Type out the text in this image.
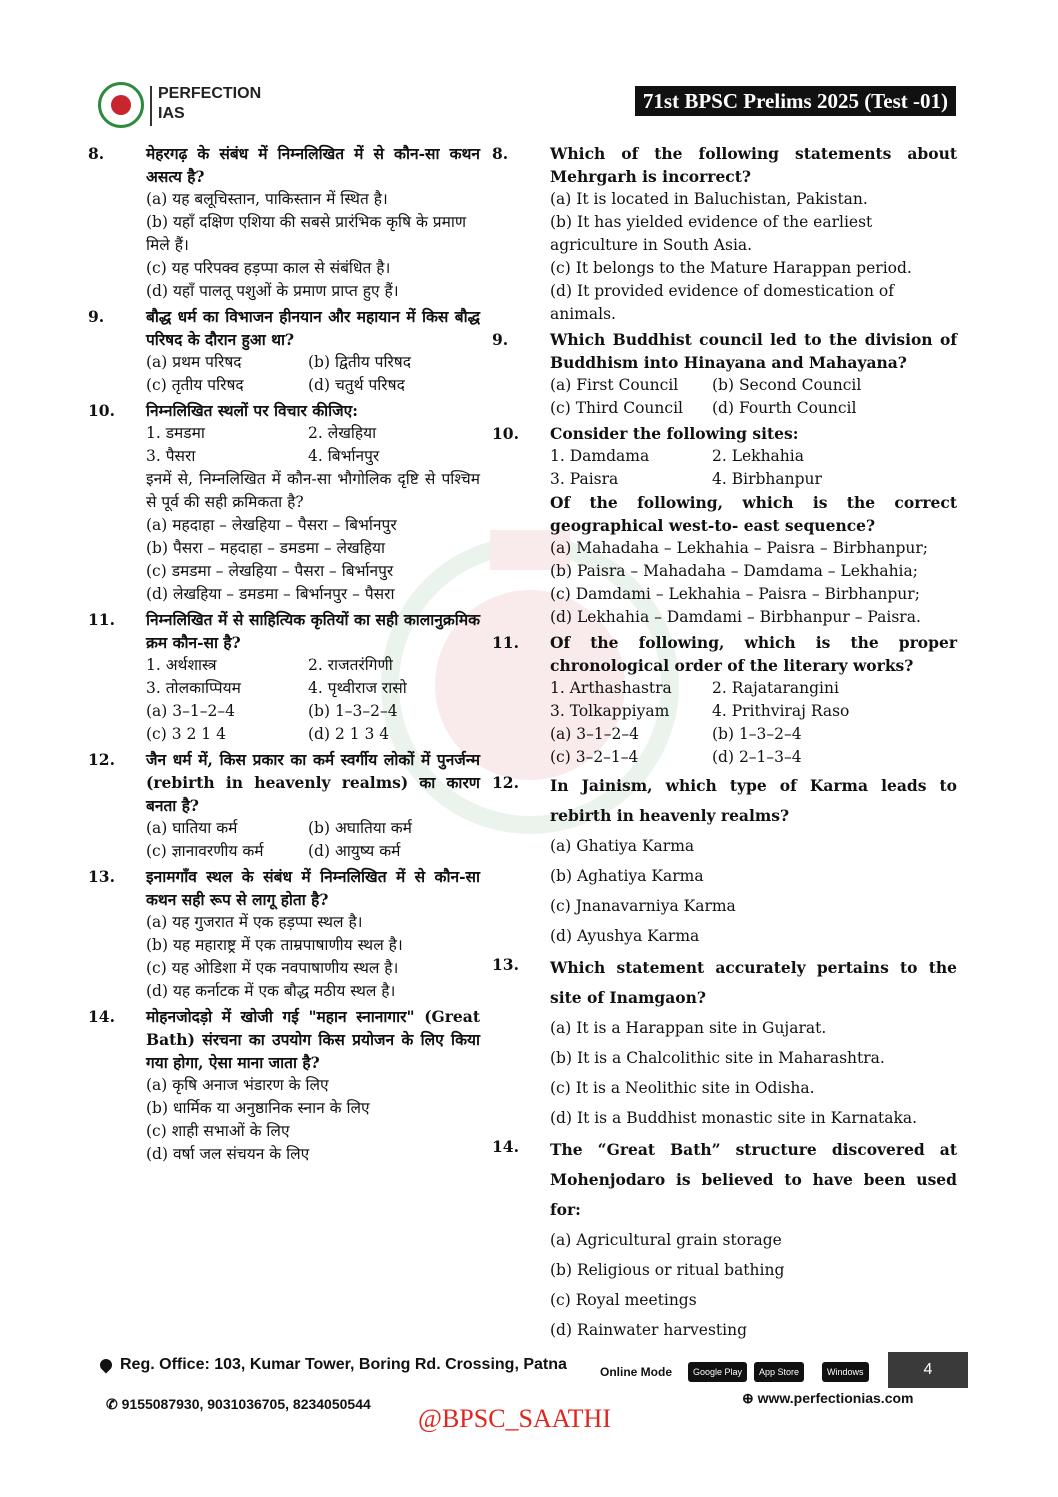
PERFECTION
IAS
71st BPSC Prelims 2025 (Test -01)
8.	मेहरगढ़ के संबंध में निम्नलिखित में से कौन-सा कथन असत्य है?
(a) यह बलूचिस्तान, पाकिस्तान में स्थित है।
(b) यहाँ दक्षिण एशिया की सबसे प्रारंभिक कृषि के प्रमाण मिले हैं।
(c) यह परिपक्व हड़प्पा काल से संबंधित है।
(d) यहाँ पालतू पशुओं के प्रमाण प्राप्त हुए हैं।
9.	बौद्ध धर्म का विभाजन हीनयान और महायान में किस बौद्ध परिषद के दौरान हुआ था?
(a) प्रथम परिषद	(b) द्वितीय परिषद
(c) तृतीय परिषद	(d) चतुर्थ परिषद
10. निम्नलिखित स्थलों पर विचार कीजिए:
1. डमडमा	2. लेखहिया
3. पैसरा	4. बिर्भानपुर
इनमें से, निम्नलिखित में कौन-सा भौगोलिक दृष्टि से पश्चिम से पूर्व की सही क्रमिकता है?
(a) महदाहा – लेखहिया – पैसरा – बिर्भानपुर
(b) पैसरा – महदाहा – डमडमा – लेखहिया
(c) डमडमा – लेखहिया – पैसरा – बिर्भानपुर
(d) लेखहिया – डमडमा – बिर्भानपुर – पैसरा
11. निम्नलिखित में से साहित्यिक कृतियों का सही कालानुक्रमिक क्रम कौन-सा है?
1. अर्थशास्त्र	2. राजतरंगिणी
3. तोलकाप्पियम	4. पृथ्वीराज रासो
(a) 3–1–2–4	(b) 1–3–2–4
(c) 3 2 1 4	(d) 2 1 3 4
12. जैन धर्म में, किस प्रकार का कर्म स्वर्गीय लोकों में पुनर्जन्म (rebirth in heavenly realms) का कारण बनता है?
(a) घातिया कर्म	(b) अघातिया कर्म
(c) ज्ञानावरणीय कर्म	(d) आयुष्य कर्म
13. इनामगाँव स्थल के संबंध में निम्नलिखित में से कौन-सा कथन सही रूप से लागू होता है?
(a) यह गुजरात में एक हड़प्पा स्थल है।
(b) यह महाराष्ट्र में एक ताम्रपाषाणीय स्थल है।
(c) यह ओडिशा में एक नवपाषाणीय स्थल है।
(d) यह कर्नाटक में एक बौद्ध मठीय स्थल है।
14. मोहनजोदड़ो में खोजी गई "महान स्नानागार" (Great Bath) संरचना का उपयोग किस प्रयोजन के लिए किया गया होगा, ऐसा माना जाता है?
(a) कृषि अनाज भंडारण के लिए
(b) धार्मिक या अनुष्ठानिक स्नान के लिए
(c) शाही सभाओं के लिए
(d) वर्षा जल संचयन के लिए
8.	Which of the following statements about Mehrgarh is incorrect?
(a) It is located in Baluchistan, Pakistan.
(b) It has yielded evidence of the earliest agriculture in South Asia.
(c) It belongs to the Mature Harappan period.
(d) It provided evidence of domestication of animals.
9.	Which Buddhist council led to the division of Buddhism into Hinayana and Mahayana?
(a) First Council	(b) Second Council
(c) Third Council	(d) Fourth Council
10. Consider the following sites:
1. Damdama	2. Lekhahia
3. Paisra	4. Birbhanpur
Of the following, which is the correct geographical west-to- east sequence?
(a) Mahadaha – Lekhahia – Paisra – Birbhanpur;
(b) Paisra – Mahadaha – Damdama – Lekhahia;
(c) Damdami – Lekhahia – Paisra – Birbhanpur;
(d) Lekhahia – Damdami – Birbhanpur – Paisra.
11. Of the following, which is the proper chronological order of the literary works?
1. Arthashastra	2. Rajatarangini
3. Tolkappiyam	4. Prithviraj Raso
(a) 3–1–2–4	(b) 1–3–2–4
(c) 3–2–1–4	(d) 2–1–3–4
12. In Jainism, which type of Karma leads to rebirth in heavenly realms?
(a) Ghatiya Karma
(b) Aghatiya Karma
(c) Jnanavarniya Karma
(d) Ayushya Karma
13. Which statement accurately pertains to the site of Inamgaon?
(a) It is a Harappan site in Gujarat.
(b) It is a Chalcolithic site in Maharashtra.
(c) It is a Neolithic site in Odisha.
(d) It is a Buddhist monastic site in Karnataka.
14. The “Great Bath” structure discovered at Mohenjodaro is believed to have been used for:
(a) Agricultural grain storage
(b) Religious or ritual bathing
(c) Royal meetings
(d) Rainwater harvesting
Reg. Office: 103, Kumar Tower, Boring Rd. Crossing, Patna	Online Mode	Google Play	App Store	Windows	4
✆ 9155087930, 9031036705, 8234050544	⊕ www.perfectionias.com
@BPSC_SAATHI
